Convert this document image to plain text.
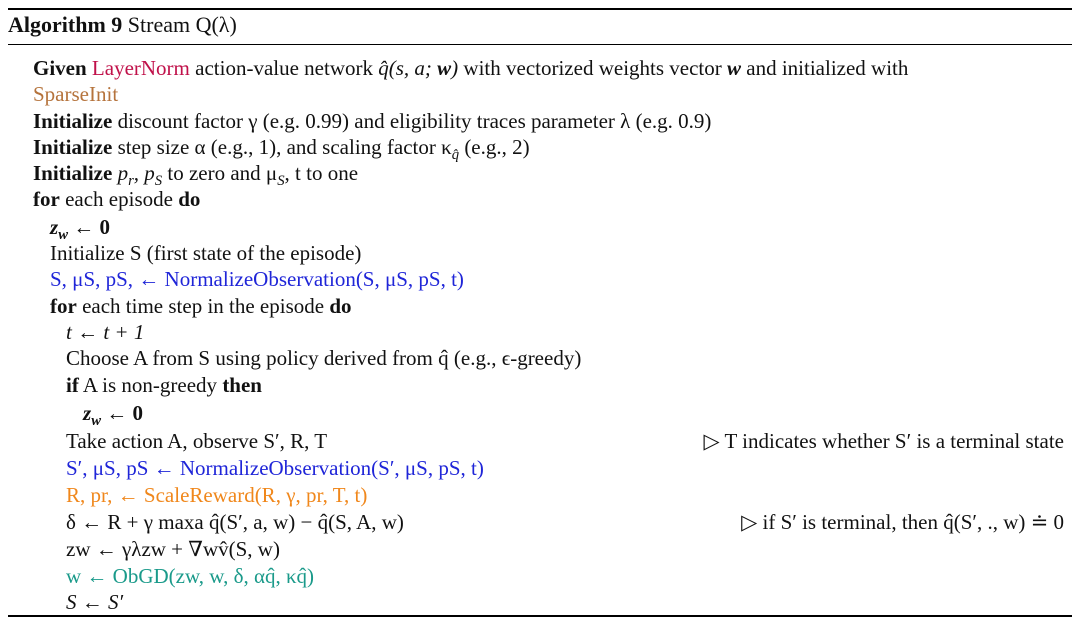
Algorithm 9 Stream Q(λ)
Given LayerNorm action-value network q̂(s, a; w) with vectorized weights vector w and initialized with
SparseInit
Initialize discount factor γ (e.g. 0.99) and eligibility traces parameter λ (e.g. 0.9)
Initialize step size α (e.g., 1), and scaling factor $\kappa_{q̂}$ (e.g., 2)
Initialize $p_r$, $p_S$ to zero and $\mu_S$, t to one
for each episode do
$z_w$ ← 0
Initialize S (first state of the episode)
S, μS, pS, ← NormalizeObservation(S, μS, pS, t)
for each time step in the episode do
t ← t + 1
Choose A from S using policy derived from q̂ (e.g., ϵ-greedy)
if A is non-greedy then
$z_w$ ← 0
Take action A, observe S′, R, T	▷ T indicates whether S′ is a terminal state
S′, μS, pS ← NormalizeObservation(S′, μS, pS, t)
R, pr, ← ScaleReward(R, γ, pr, T, t)
δ ← R + γ maxa q̂(S′, a, w) − q̂(S, A, w)	▷ if S′ is terminal, then q̂(S′, ., w) ≐ 0
zw ← γλzw + ∇wv̂(S, w)
w ← ObGD(zw, w, δ, αq̂, κq̂)
S ← S′
